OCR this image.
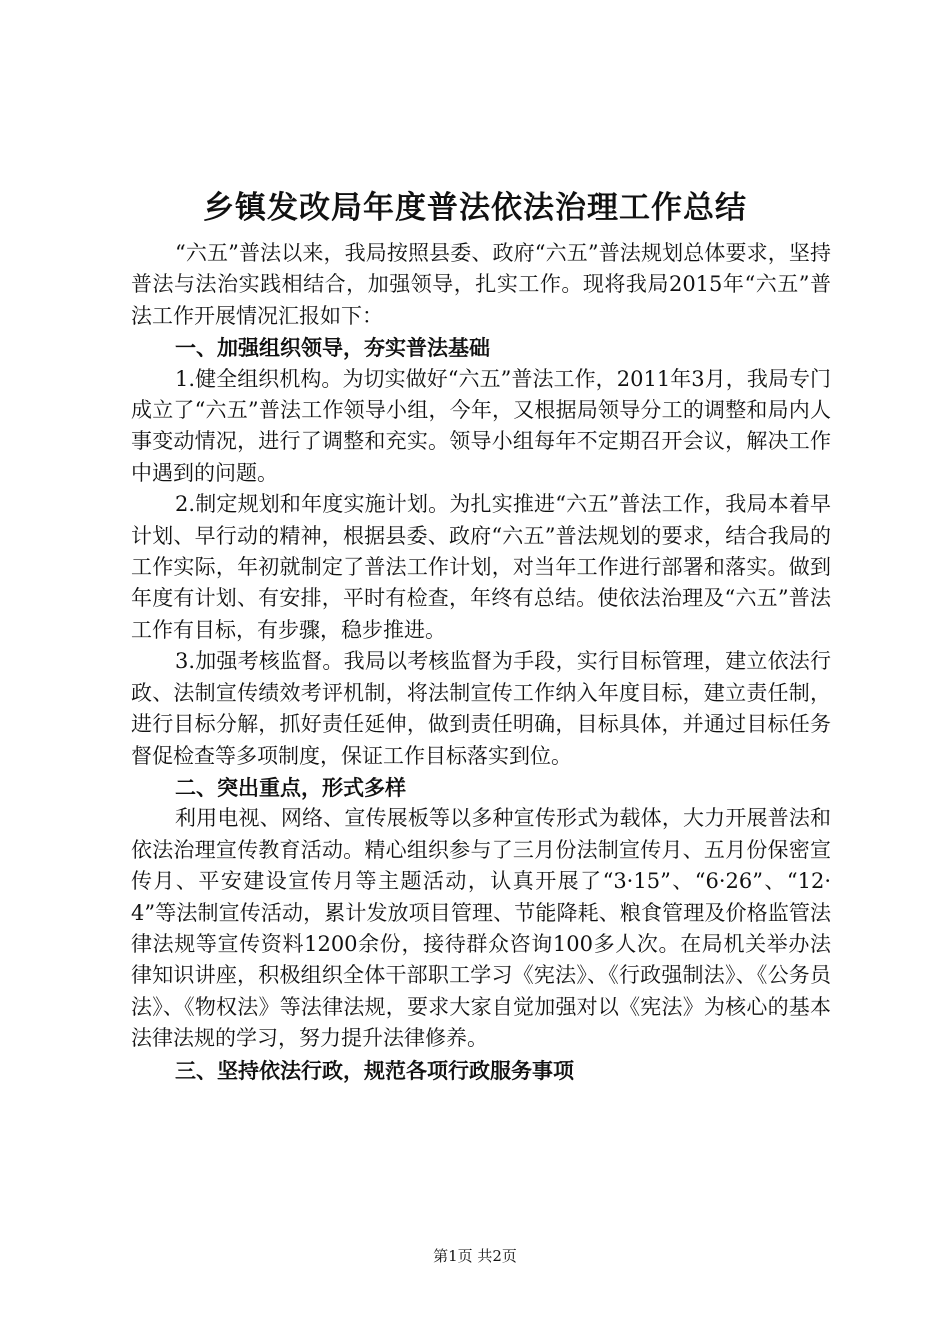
乡镇发改局年度普法依法治理工作总结

“六五”普法以来，我局按照县委、政府“六五”普法规划总体要求，坚持普法与法治实践相结合，加强领导，扎实工作。现将我局2015年“六五”普法工作开展情况汇报如下：

一、加强组织领导，夯实普法基础

1.健全组织机构。为切实做好“六五”普法工作，2011年3月，我局专门成立了“六五”普法工作领导小组，今年，又根据局领导分工的调整和局内人事变动情况，进行了调整和充实。领导小组每年不定期召开会议，解决工作中遇到的问题。

2.制定规划和年度实施计划。为扎实推进“六五”普法工作，我局本着早计划、早行动的精神，根据县委、政府“六五”普法规划的要求，结合我局的工作实际，年初就制定了普法工作计划，对当年工作进行部署和落实。做到年度有计划、有安排，平时有检查，年终有总结。使依法治理及“六五”普法工作有目标，有步骤，稳步推进。

3.加强考核监督。我局以考核监督为手段，实行目标管理，建立依法行政、法制宣传绩效考评机制，将法制宣传工作纳入年度目标，建立责任制，进行目标分解，抓好责任延伸，做到责任明确，目标具体，并通过目标任务督促检查等多项制度，保证工作目标落实到位。

二、突出重点，形式多样

利用电视、网络、宣传展板等以多种宣传形式为载体，大力开展普法和依法治理宣传教育活动。精心组织参与了三月份法制宣传月、五月份保密宣传月、平安建设宣传月等主题活动，认真开展了“3·15”、“6·26”、“12·4”等法制宣传活动，累计发放项目管理、节能降耗、粮食管理及价格监管法律法规等宣传资料1200余份，接待群众咨询100多人次。在局机关举办法律知识讲座，积极组织全体干部职工学习《宪法》、《行政强制法》、《公务员法》、《物权法》等法律法规，要求大家自觉加强对以《宪法》为核心的基本法律法规的学习，努力提升法律修养。

三、坚持依法行政，规范各项行政服务事项

第1页 共2页
